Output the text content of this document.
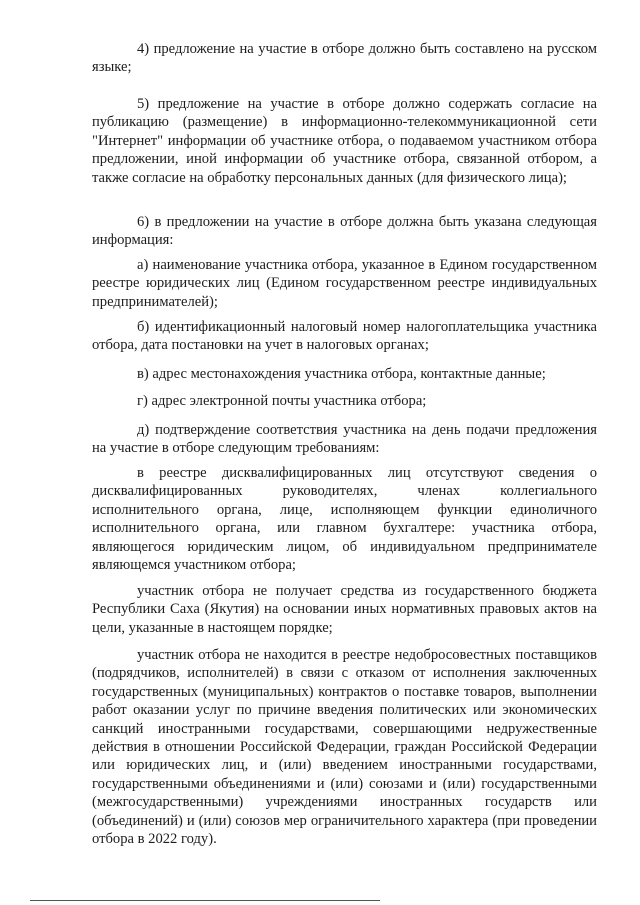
4) предложение на участие в отборе должно быть составлено на русском языке;

5) предложение на участие в отборе должно содержать согласие на публикацию (размещение) в информационно-телекоммуникационной сети "Интернет" информации об участнике отбора, о подаваемом участником отбора предложении, иной информации об участнике отбора, связанной отбором, а также согласие на обработку персональных данных (для физического лица);

6) в предложении на участие в отборе должна быть указана следующая информация:

а) наименование участника отбора, указанное в Едином государственном реестре юридических лиц (Едином государственном реестре индивидуальных предпринимателей);

б) идентификационный налоговый номер налогоплательщика участника отбора, дата постановки на учет в налоговых органах;

в) адрес местонахождения участника отбора, контактные данные;

г) адрес электронной почты участника отбора;

д) подтверждение соответствия участника на день подачи предложения на участие в отборе следующим требованиям:

в реестре дисквалифицированных лиц отсутствуют сведения о дисквалифицированных руководителях, членах коллегиального исполнительного органа, лице, исполняющем функции единоличного исполнительного органа, или главном бухгалтере: участника отбора, являющегося юридическим лицом, об индивидуальном предпринимателе являющемся участником отбора;

участник отбора не получает средства из государственного бюджета Республики Саха (Якутия) на основании иных нормативных правовых актов на цели, указанные в настоящем порядке;

участник отбора не находится в реестре недобросовестных поставщиков (подрядчиков, исполнителей) в связи с отказом от исполнения заключенных государственных (муниципальных) контрактов о поставке товаров, выполнении работ оказании услуг по причине введения политических или экономических санкций иностранными государствами, совершающими недружественные действия в отношении Российской Федерации, граждан Российской Федерации или юридических лиц, и (или) введением иностранными государствами, государственными объединениями и (или) союзами и (или) государственными (межгосударственными) учреждениями иностранных государств или (объединений) и (или) союзов мер ограничительного характера (при проведении отбора в 2022 году).
